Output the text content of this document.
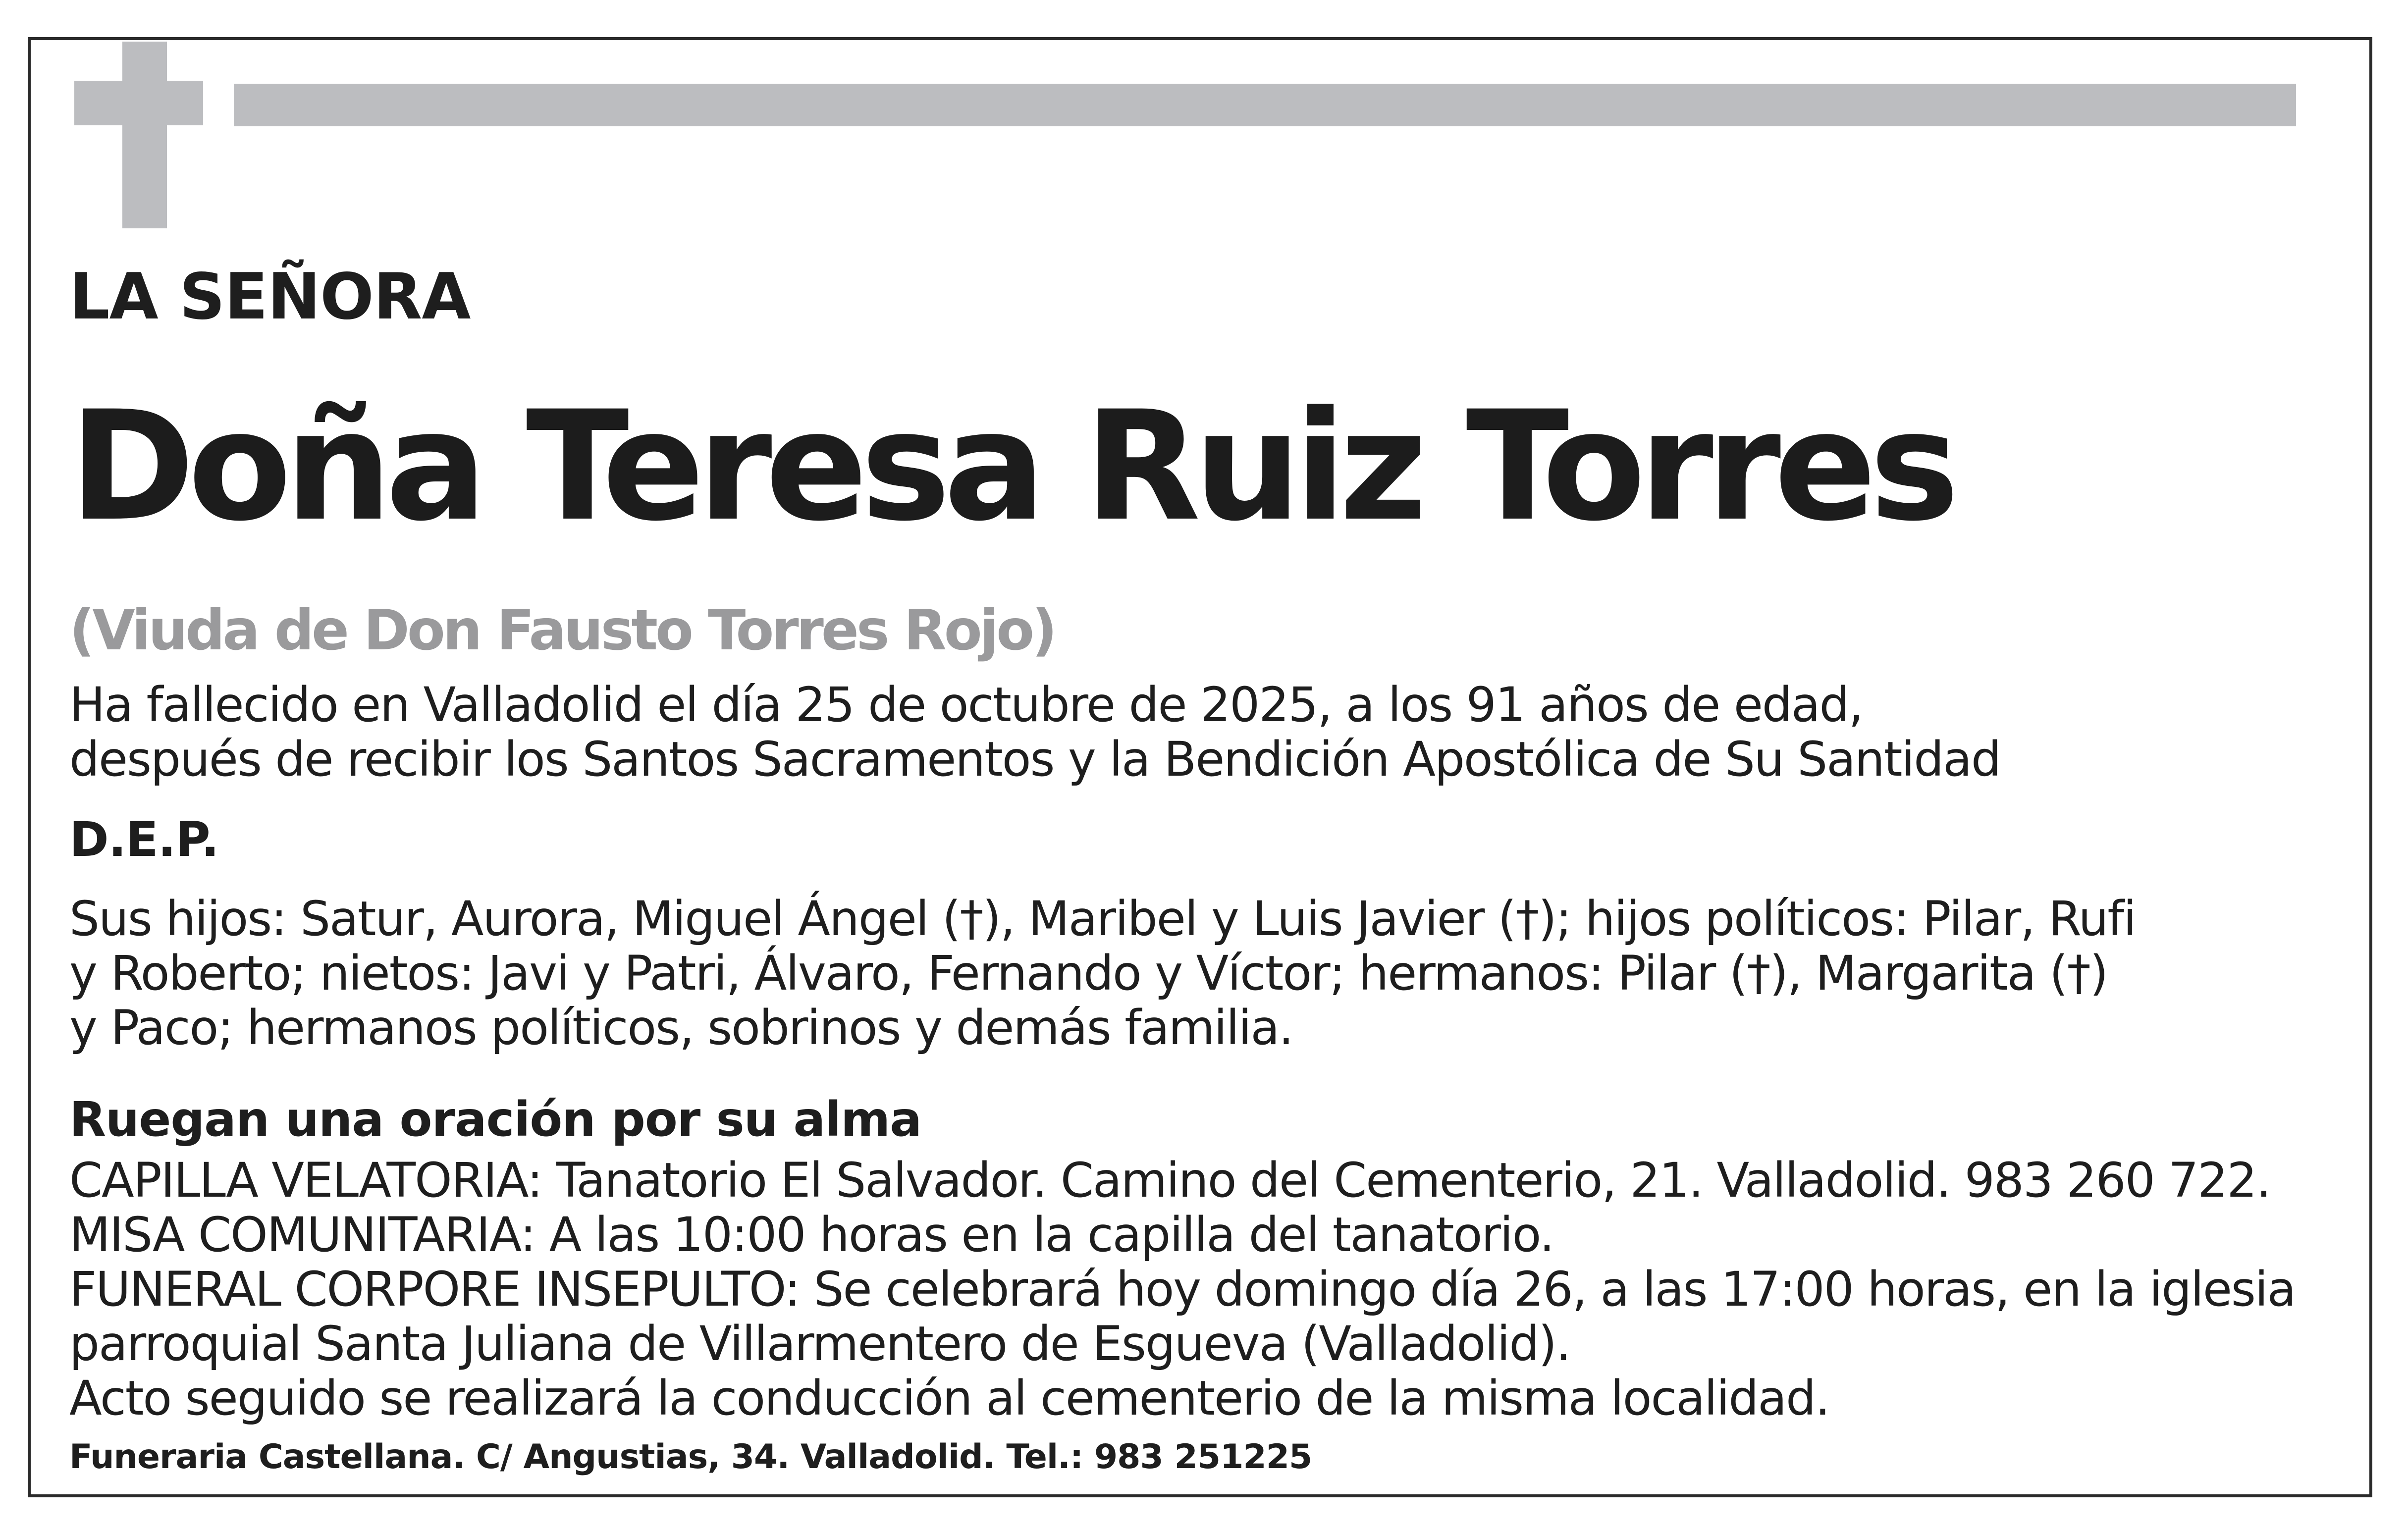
LA SEÑORA
Doña Teresa Ruiz Torres
(Viuda de Don Fausto Torres Rojo)
Ha fallecido en Valladolid el día 25 de octubre de 2025, a los 91 años de edad,
después de recibir los Santos Sacramentos y la Bendición Apostólica de Su Santidad
D.E.P.
Sus hijos: Satur, Aurora, Miguel Ángel (†), Maribel y Luis Javier (†); hijos políticos: Pilar, Rufi
y Roberto; nietos: Javi y Patri, Álvaro, Fernando y Víctor; hermanos: Pilar (†), Margarita (†)
y Paco; hermanos políticos, sobrinos y demás familia.
Ruegan una oración por su alma
CAPILLA VELATORIA: Tanatorio El Salvador. Camino del Cementerio, 21. Valladolid. 983 260 722.
MISA COMUNITARIA: A las 10:00 horas en la capilla del tanatorio.
FUNERAL CORPORE INSEPULTO: Se celebrará hoy domingo día 26, a las 17:00 horas, en la iglesia
parroquial Santa Juliana de Villarmentero de Esgueva (Valladolid).
Acto seguido se realizará la conducción al cementerio de la misma localidad.
Funeraria Castellana. C/ Angustias, 34. Valladolid. Tel.: 983 251225
